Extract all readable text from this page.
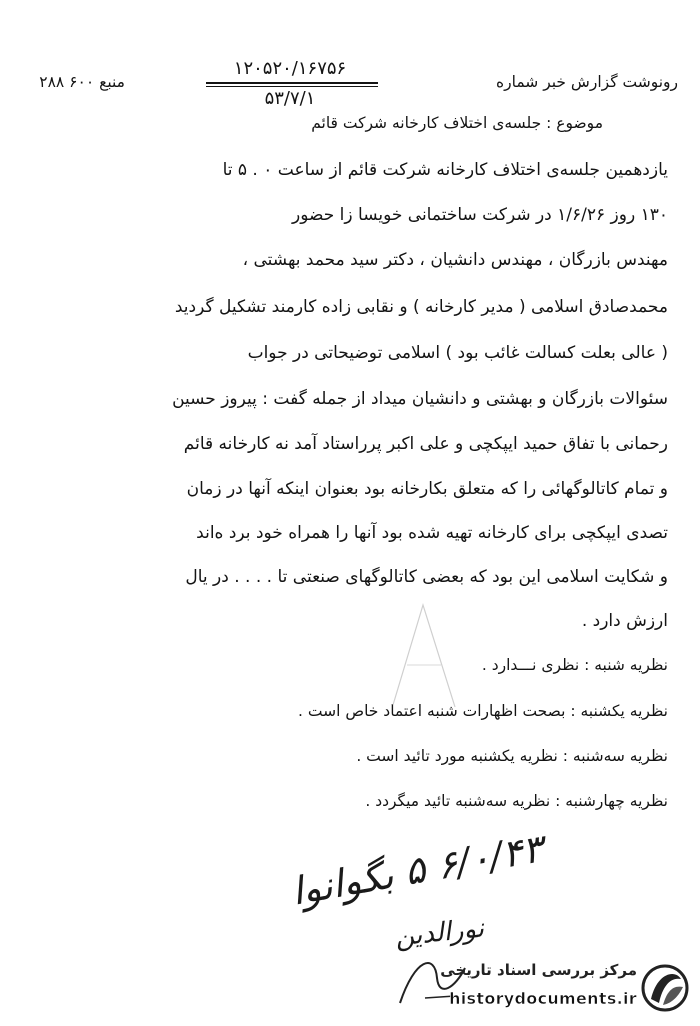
رونوشت گزارش خبر شماره
۱۲۰۵۲۰/۱۶۷۵۶
۵۳/۷/۱
منبع ۶۰۰ ۲۸۸
موضوع : جلسه‌ی اختلاف کارخانه شرکت قائم
یازدهمین جلسه‌ی اختلاف کارخانه شرکت قائم از ساعت ۰ . ۵ تا
۱۳۰ روز ۱/۶/۲۶ در شرکت ساختمانی خویسا زا حضور
مهندس بازرگان ، مهندس دانشیان ، دکتر سید محمد بهشتی ،
محمدصادق اسلامی ( مدیر کارخانه ) و نقابی زاده کارمند تشکیل گردید
( عالی بعلت کسالت غائب بود ) اسلامی توضیحاتی در جواب
سئوالات بازرگان و بهشتی و دانشیان میداد از جمله گفت : پیروز حسین
رحمانی با تفاق حمید ایپکچی و علی اکبر پرراستاد آمد نه کارخانه قائم
و تمام کاتالوگهائی را که متعلق بکارخانه بود بعنوان اینکه آنها در زمان
تصدی ایپکچی برای کارخانه تهیه شده بود آنها را همراه خود برد ه‌اند
و شکایت اسلامی این بود که بعضی کاتالوگهای صنعتی تا . . . . در یال
ارزش دارد .
نظریه شنبه : نظری نـــدارد .
نظریه یکشنبه : بصحت اظهارات شنبه اعتماد خاص است .
نظریه سه‌شنبه : نظریه یکشنبه مورد تائید است .
نظریه چهارشنبه : نظریه سه‌شنبه تائید میگردد .
۶/۰/۴۳ ۵ بگوانوا
نورالدین
مرکز بررسی اسناد تاریخی
historydocuments.ir
